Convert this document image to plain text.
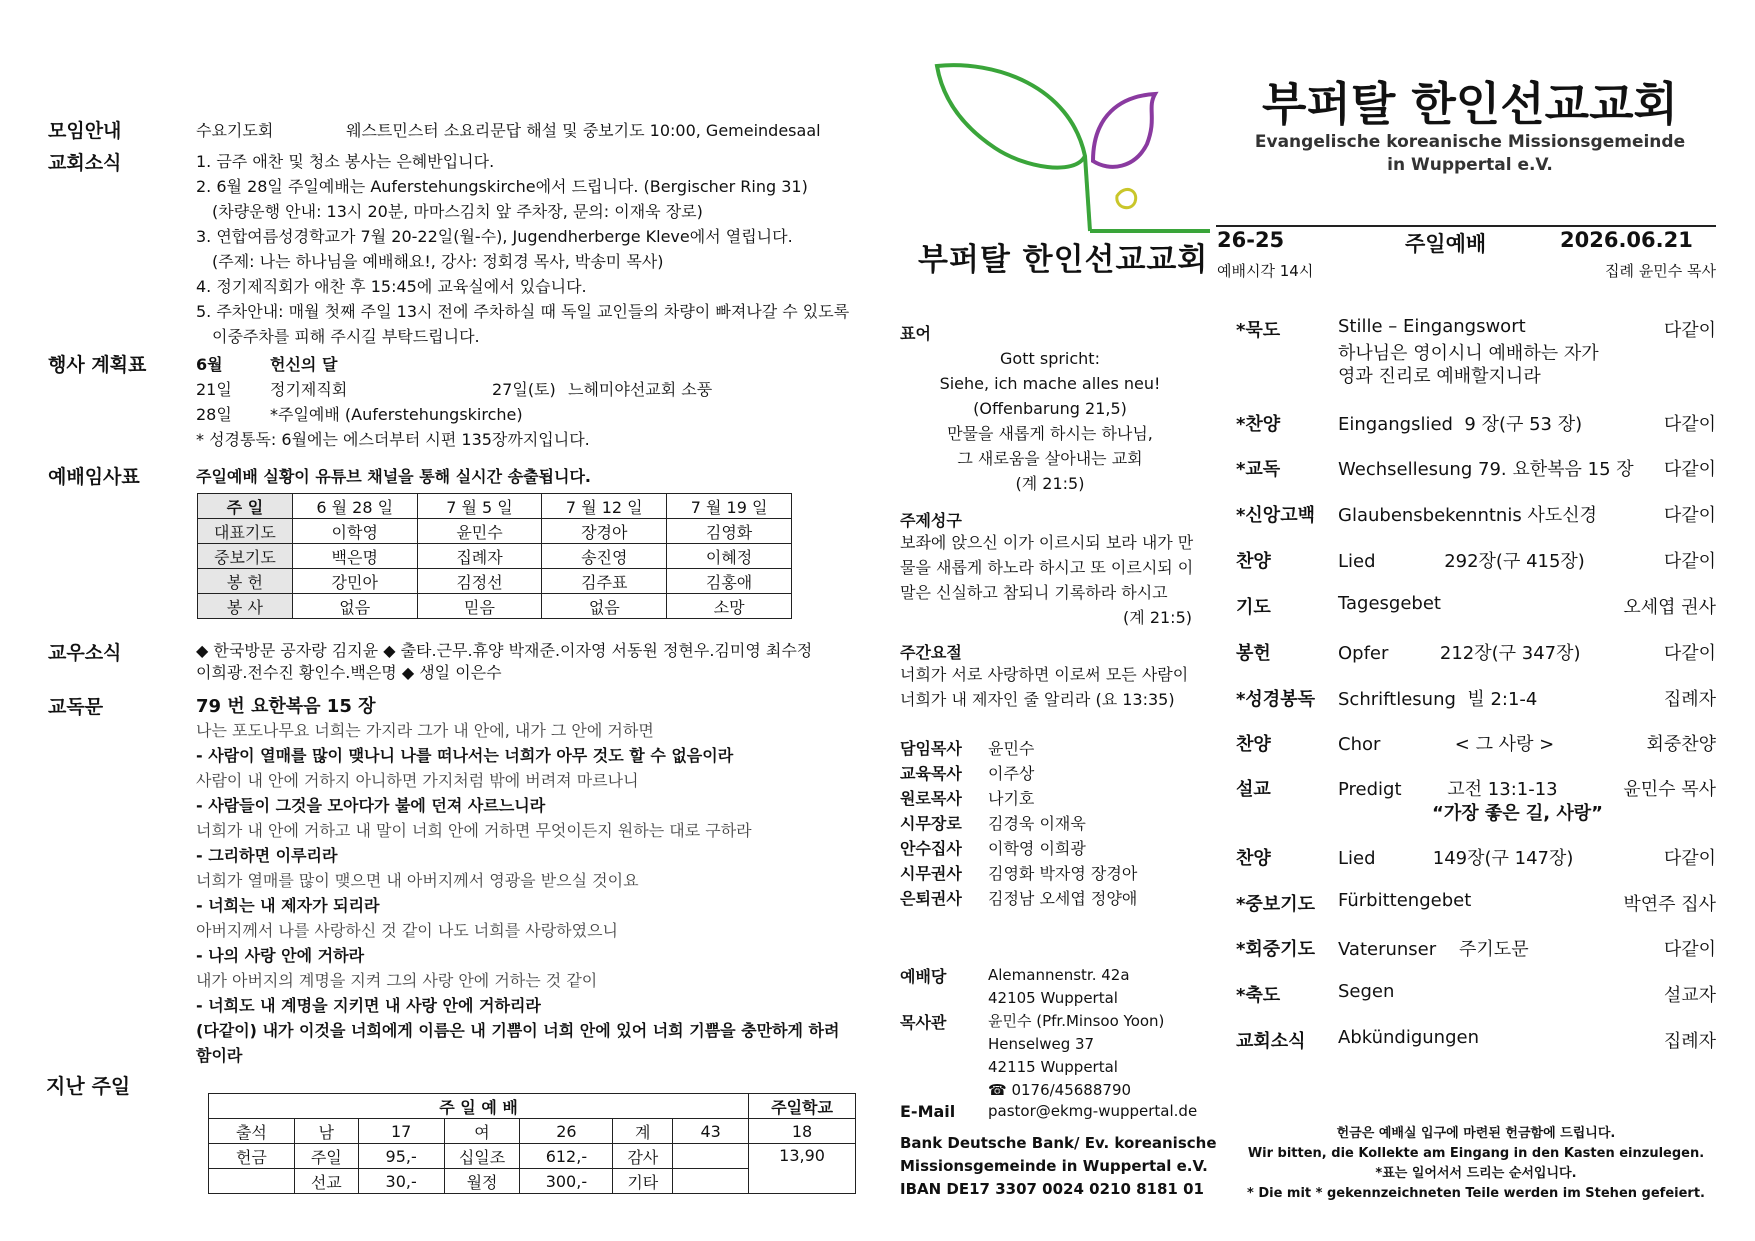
모임안내	수요기도회	웨스트민스터 소요리문답 해설 및 중보기도 10:00, Gemeindesaal
교회소식	1. 금주 애찬 및 청소 봉사는 은혜반입니다.
2. 6월 28일 주일예배는 Auferstehungskirche에서 드립니다. (Bergischer Ring 31)
(차량운행 안내: 13시 20분, 마마스김치 앞 주차장, 문의: 이재욱 장로)
3. 연합여름성경학교가 7월 20-22일(월-수), Jugendherberge Kleve에서 열립니다.
(주제: 나는 하나님을 예배해요!, 강사: 정회경 목사, 박송미 목사)
4. 정기제직회가 애찬 후 15:45에 교육실에서 있습니다.
5. 주차안내: 매월 첫째 주일 13시 전에 주차하실 때 독일 교인들의 차량이 빠져나갈 수 있도록
이중주차를 피해 주시길 부탁드립니다.
행사 계획표	6월	헌신의 달
21일 정기제직회	27일(토) 느헤미야선교회 소풍
28일 *주일예배 (Auferstehungskirche)
* 성경통독: 6월에는 에스더부터 시편 135장까지입니다.
예배임사표	주일예배 실황이 유튜브 채널을 통해 실시간 송출됩니다.
주 일	6 월 28 일	7 월 5 일	7 월 12 일	7 월 19 일
대표기도	이학영	윤민수	장경아	김영화
중보기도	백은명	집례자	송진영	이혜정
봉 헌	강민아	김정선	김주표	김홍애
봉 사	없음	믿음	없음	소망
교우소식	◆ 한국방문 공자랑 김지윤 ◆ 출타.근무.휴양 박재준.이자영 서동원 정현우.김미영 최수정
이희광.전수진 황인수.백은명 ◆ 생일 이은수
교독문	79 번 요한복음 15 장
나는 포도나무요 너희는 가지라 그가 내 안에, 내가 그 안에 거하면
- 사람이 열매를 많이 맺나니 나를 떠나서는 너희가 아무 것도 할 수 없음이라
사람이 내 안에 거하지 아니하면 가지처럼 밖에 버려져 마르나니
- 사람들이 그것을 모아다가 불에 던져 사르느니라
너희가 내 안에 거하고 내 말이 너희 안에 거하면 무엇이든지 원하는 대로 구하라
- 그리하면 이루리라
너희가 열매를 많이 맺으면 내 아버지께서 영광을 받으실 것이요
- 너희는 내 제자가 되리라
아버지께서 나를 사랑하신 것 같이 나도 너희를 사랑하였으니
- 나의 사랑 안에 거하라
내가 아버지의 계명을 지켜 그의 사랑 안에 거하는 것 같이
- 너희도 내 계명을 지키면 내 사랑 안에 거하리라
(다같이) 내가 이것을 너희에게 이름은 내 기쁨이 너희 안에 있어 너희 기쁨을 충만하게 하려
함이라
지난 주일
주 일 예 배							주일학교
출석	남	17	여	26	계	43	18
헌금	주일	95,-	십일조	612,-	감사		13,90
	선교	30,-	월정	300,-	기타		
부퍼탈 한인선교교회
부퍼탈 한인선교교회
Evangelische koreanische Missionsgemeinde
in Wuppertal e.V.
26-25	주일예배	2026.06.21
예배시각 14시	집례 윤민수 목사
표어
Gott spricht:
Siehe, ich mache alles neu!
(Offenbarung 21,5)
만물을 새롭게 하시는 하나님,
그 새로움을 살아내는 교회
(계 21:5)
주제성구
보좌에 앉으신 이가 이르시되 보라 내가 만
물을 새롭게 하노라 하시고 또 이르시되 이
말은 신실하고 참되니 기록하라 하시고
(계 21:5)
주간요절
너희가 서로 사랑하면 이로써 모든 사람이
너희가 내 제자인 줄 알리라 (요 13:35)
담임목사 윤민수
교육목사 이주상
원로목사 나기호
시무장로 김경욱 이재욱
안수집사 이학영 이희광
시무권사 김영화 박자영 장경아
은퇴권사 김정남 오세엽 정양애
예배당	Alemannenstr. 42a
42105 Wuppertal
목사관	윤민수 (Pfr.Minsoo Yoon)
Henselweg 37
42115 Wuppertal
☎ 0176/45688790
E-Mail pastor@ekmg-wuppertal.de
Bank Deutsche Bank/ Ev. koreanische
Missionsgemeinde in Wuppertal e.V.
IBAN DE17 3307 0024 0210 8181 01
*묵도	Stille – Eingangswort	다같이
하나님은 영이시니 예배하는 자가
영과 진리로 예배할지니라
*찬양	Eingangslied  9 장(구 53 장)	다같이
*교독	Wechsellesung 79. 요한복음 15 장 다같이
*신앙고백 Glaubensbekenntnis 사도신경	다같이
찬양	Lied            292장(구 415장)	다같이
기도	Tagesgebet	오세엽 권사
봉헌	Opfer         212장(구 347장)	다같이
*성경봉독 Schriftlesung  빌 2:1-4	집례자
찬양	Chor             < 그 사랑 >	회중찬양
설교	Predigt        고전 13:1-13	윤민수 목사
“가장 좋은 길, 사랑”
찬양	Lied          149장(구 147장)	다같이
*중보기도 Fürbittengebet	박연주 집사
*회중기도 Vaterunser    주기도문	다같이
*축도	Segen	설교자
교회소식 Abkündigungen	집례자
헌금은 예배실 입구에 마련된 헌금함에 드립니다.
Wir bitten, die Kollekte am Eingang in den Kasten einzulegen.
*표는 일어서서 드리는 순서입니다.
* Die mit * gekennzeichneten Teile werden im Stehen gefeiert.
